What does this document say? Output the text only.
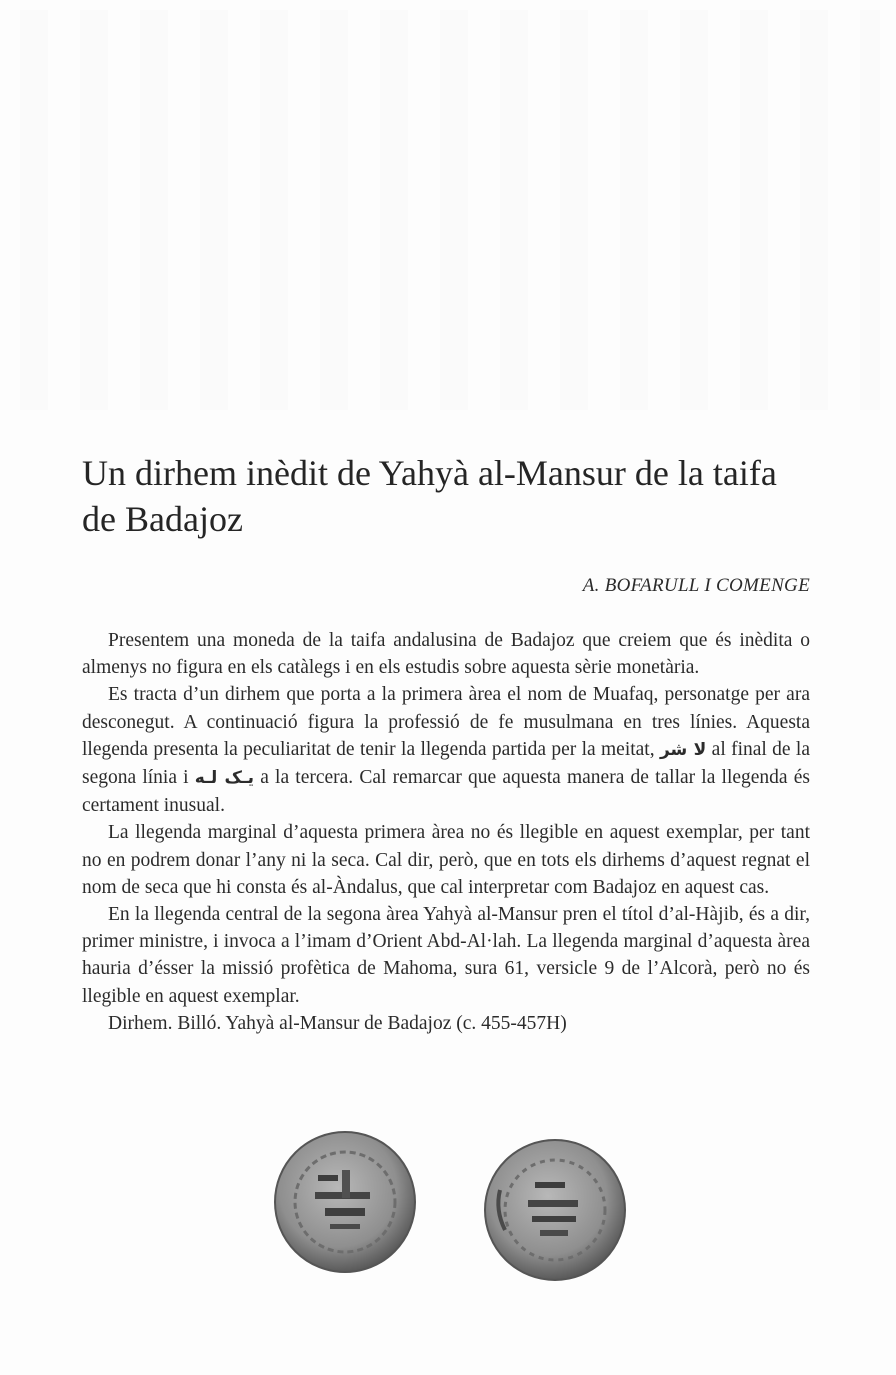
Un dirhem inèdit de Yahyà al-Mansur de la taifa de Badajoz
A. BOFARULL I COMENGE

Presentem una moneda de la taifa andalusina de Badajoz que creiem que és inèdita o almenys no figura en els catàlegs i en els estudis sobre aquesta sèrie monetària.

Es tracta d’un dirhem que porta a la primera àrea el nom de Muafaq, personatge per ara desconegut. A continuació figura la professió de fe musulmana en tres línies. Aquesta llegenda presenta la peculiaritat de tenir la llegenda partida per la meitat, لا شر al final de la segona línia i يـک لـه a la tercera. Cal remarcar que aquesta manera de tallar la llegenda és certament inusual.

La llegenda marginal d’aquesta primera àrea no és llegible en aquest exemplar, per tant no en podrem donar l’any ni la seca. Cal dir, però, que en tots els dirhems d’aquest regnat el nom de seca que hi consta és al-Àndalus, que cal interpretar com Badajoz en aquest cas.

En la llegenda central de la segona àrea Yahyà al-Mansur pren el títol d’al-Hàjib, és a dir, primer ministre, i invoca a l’imam d’Orient Abd-Al·lah. La llegenda marginal d’aquesta àrea hauria d’ésser la missió profètica de Mahoma, sura 61, versicle 9 de l’Alcorà, però no és llegible en aquest exemplar.

Dirhem. Billó. Yahyà al-Mansur de Badajoz (c. 455-457H)
